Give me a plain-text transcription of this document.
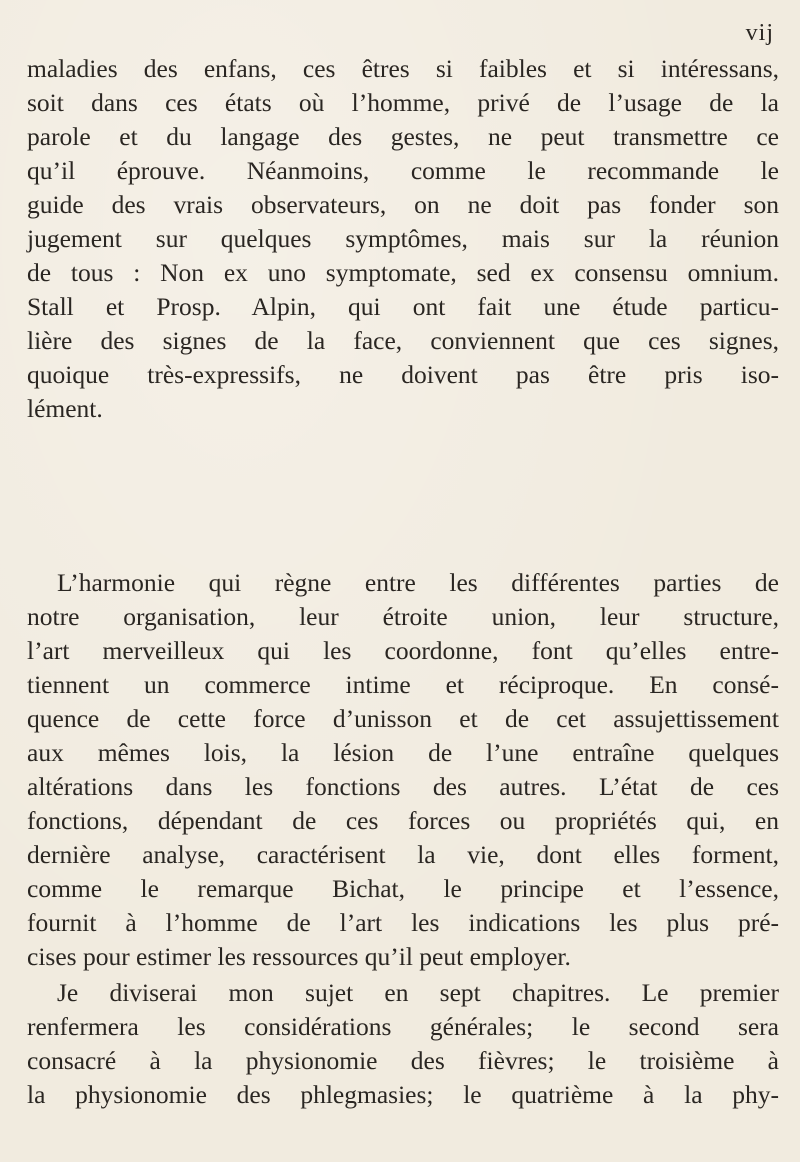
vij
maladies des enfans, ces êtres si faibles et si intéressans,
soit dans ces états où l’homme, privé de l’usage de la
parole et du langage des gestes, ne peut transmettre ce
qu’il éprouve. Néanmoins, comme le recommande le
guide des vrais observateurs, on ne doit pas fonder son
jugement sur quelques symptômes, mais sur la réunion
de tous : Non ex uno symptomate, sed ex consensu omnium.
Stall et Prosp. Alpin, qui ont fait une étude particu-
lière des signes de la face, conviennent que ces signes,
quoique très-expressifs, ne doivent pas être pris iso-
lément.
L’harmonie qui règne entre les différentes parties de
notre organisation, leur étroite union, leur structure,
l’art merveilleux qui les coordonne, font qu’elles entre-
tiennent un commerce intime et réciproque. En consé-
quence de cette force d’unisson et de cet assujettissement
aux mêmes lois, la lésion de l’une entraîne quelques
altérations dans les fonctions des autres. L’état de ces
fonctions, dépendant de ces forces ou propriétés qui, en
dernière analyse, caractérisent la vie, dont elles forment,
comme le remarque Bichat, le principe et l’essence,
fournit à l’homme de l’art les indications les plus pré-
cises pour estimer les ressources qu’il peut employer.
Je diviserai mon sujet en sept chapitres. Le premier
renfermera les considérations générales; le second sera
consacré à la physionomie des fièvres; le troisième à
la physionomie des phlegmasies; le quatrième à la phy-
